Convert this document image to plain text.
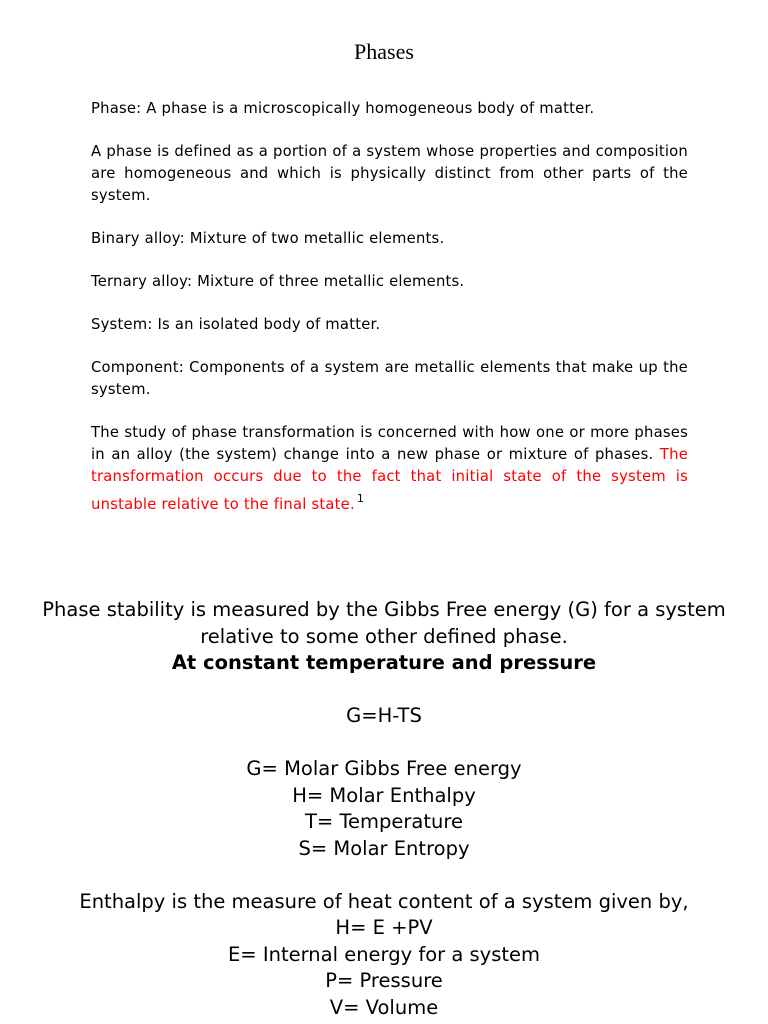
Phases

Phase: A phase is a microscopically homogeneous body of matter.

A phase is defined as a portion of a system whose properties and composition are homogeneous and which is physically distinct from other parts of the system.

Binary alloy: Mixture of two metallic elements.

Ternary alloy: Mixture of three metallic elements.

System: Is an isolated body of matter.

Component: Components of a system are metallic elements that make up the system.

The study of phase transformation is concerned with how one or more phases in an alloy (the system) change into a new phase or mixture of phases. The transformation occurs due to the fact that initial state of the system is unstable relative to the final state. $^1$

Phase stability is measured by the Gibbs Free energy (G) for a system relative to some other defined phase.

At constant temperature and pressure

G=H-TS

G= Molar Gibbs Free energy

H= Molar Enthalpy

T= Temperature

S= Molar Entropy

Enthalpy is the measure of heat content of a system given by,

H= E +PV

E= Internal energy for a system

P= Pressure

V= Volume
